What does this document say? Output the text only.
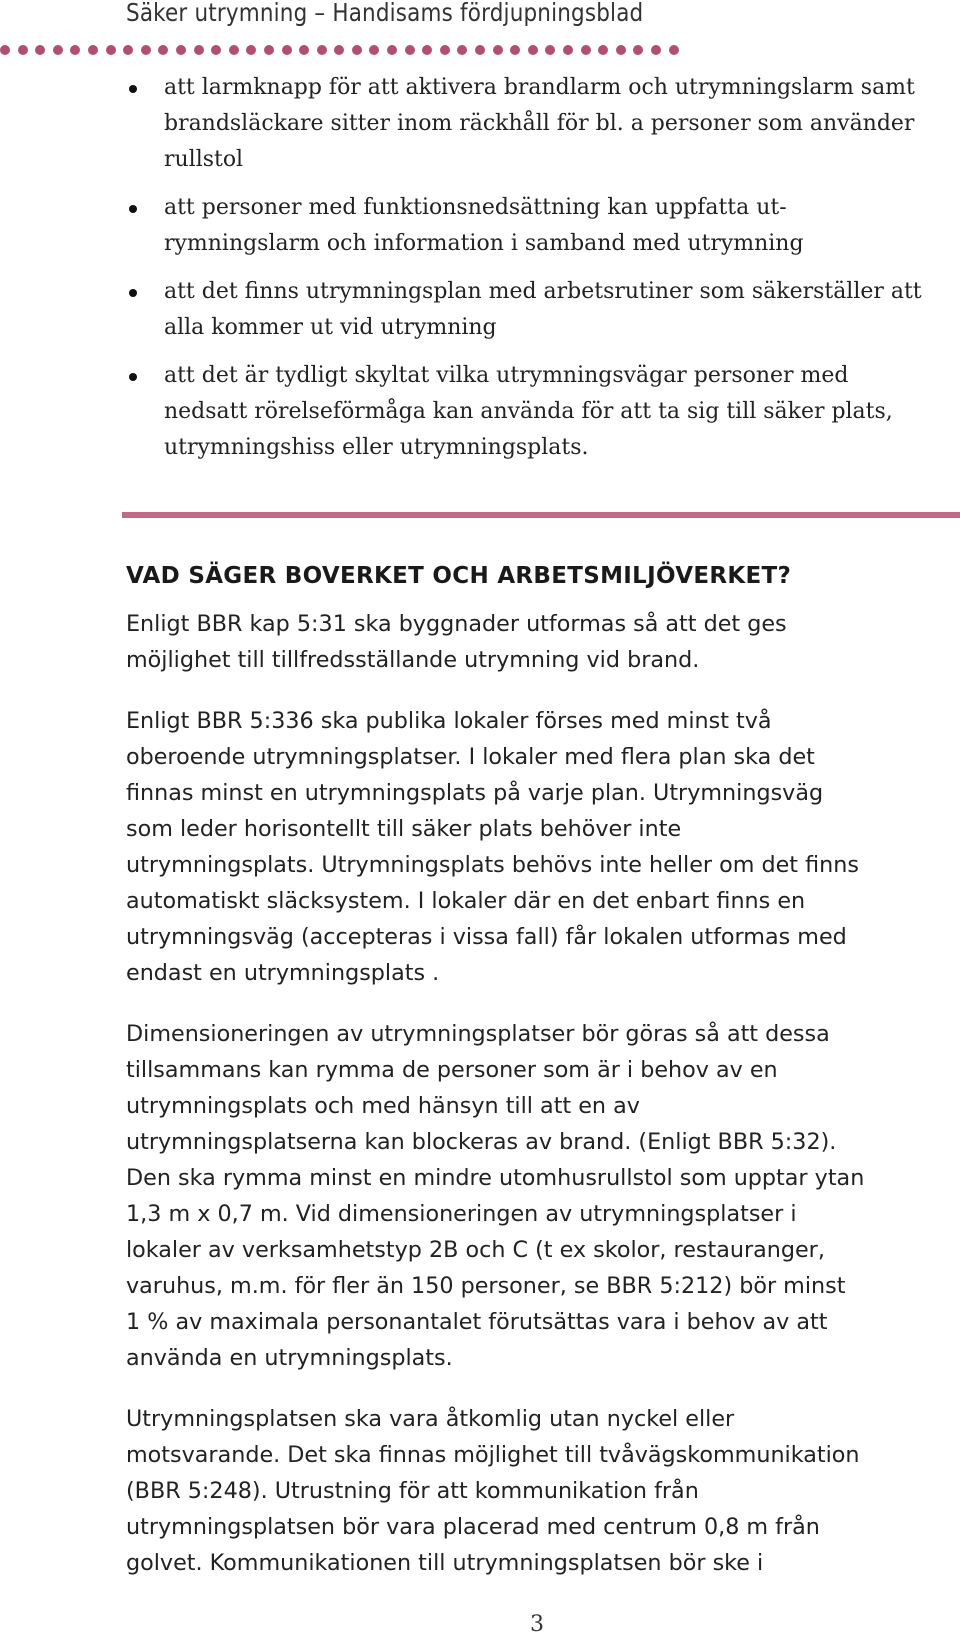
Säker utrymning – Handisams fördjupningsblad
att larmknapp för att aktivera brandlarm och utrymningslarm samt
brandsläckare sitter inom räckhåll för bl. a personer som använder
rullstol
att personer med funktionsnedsättning kan uppfatta ut-
rymningslarm och information i samband med utrymning
att det finns utrymningsplan med arbetsrutiner som säkerställer att
alla kommer ut vid utrymning
att det är tydligt skyltat vilka utrymningsvägar personer med
nedsatt rörelseförmåga kan använda för att ta sig till säker plats,
utrymningshiss eller utrymningsplats.
VAD SÄGER BOVERKET OCH ARBETSMILJÖVERKET?

Enligt BBR kap 5:31 ska byggnader utformas så att det ges
möjlighet till tillfredsställande utrymning vid brand.

Enligt BBR 5:336 ska publika lokaler förses med minst två
oberoende utrymningsplatser. I lokaler med flera plan ska det
finnas minst en utrymningsplats på varje plan. Utrymningsväg
som leder horisontellt till säker plats behöver inte
utrymningsplats. Utrymningsplats behövs inte heller om det finns
automatiskt släcksystem. I lokaler där en det enbart finns en
utrymningsväg (accepteras i vissa fall) får lokalen utformas med
endast en utrymningsplats .

Dimensioneringen av utrymningsplatser bör göras så att dessa
tillsammans kan rymma de personer som är i behov av en
utrymningsplats och med hänsyn till att en av
utrymningsplatserna kan blockeras av brand. (Enligt BBR 5:32).
Den ska rymma minst en mindre utomhusrullstol som upptar ytan
1,3 m x 0,7 m. Vid dimensioneringen av utrymningsplatser i
lokaler av verksamhetstyp 2B och C (t ex skolor, restauranger,
varuhus, m.m. för fler än 150 personer, se BBR 5:212) bör minst
1 % av maximala personantalet förutsättas vara i behov av att
använda en utrymningsplats.

Utrymningsplatsen ska vara åtkomlig utan nyckel eller
motsvarande. Det ska finnas möjlighet till tvåvägskommunikation
(BBR 5:248). Utrustning för att kommunikation från
utrymningsplatsen bör vara placerad med centrum 0,8 m från
golvet. Kommunikationen till utrymningsplatsen bör ske i

3
